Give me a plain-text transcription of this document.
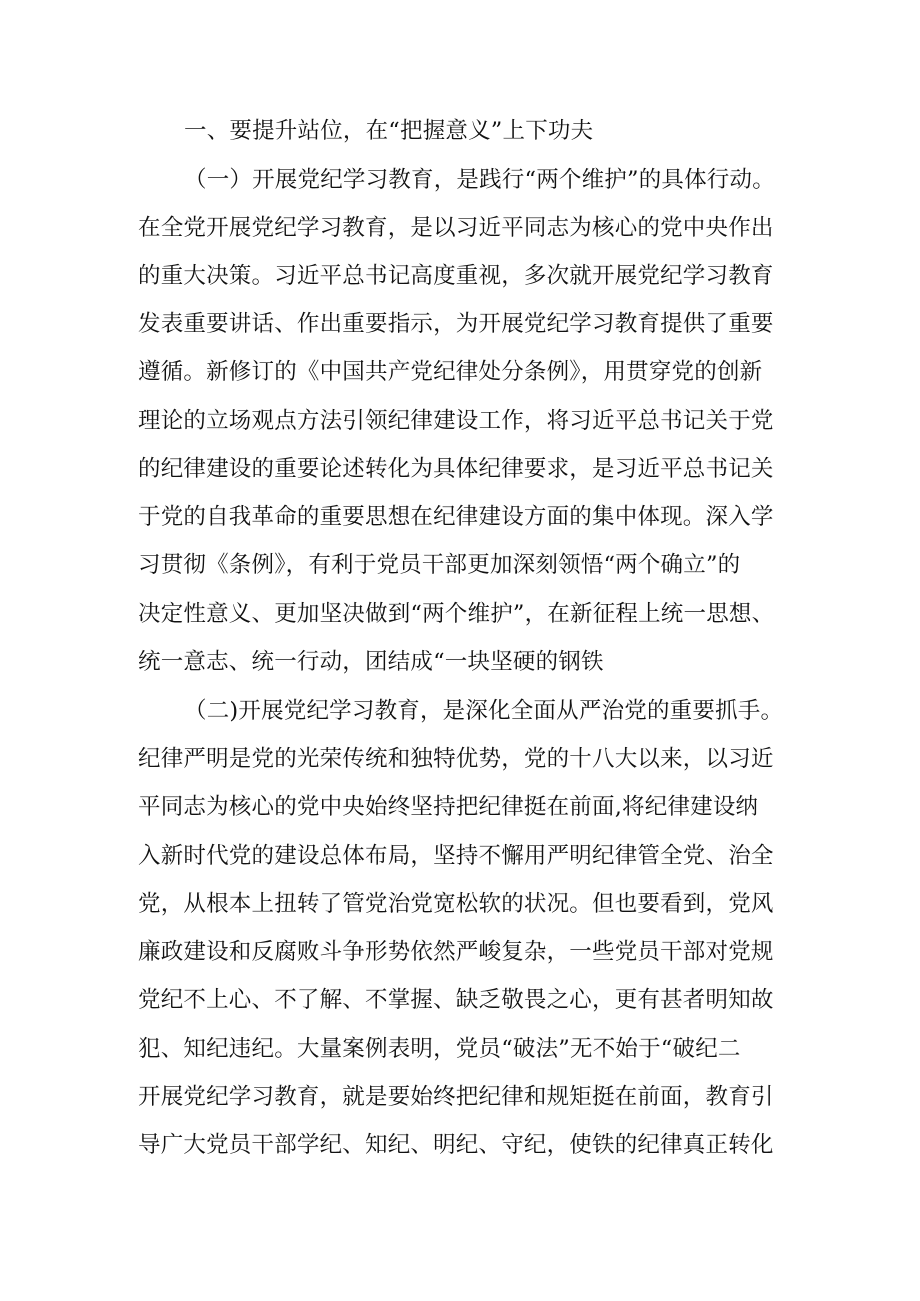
一、要提升站位，在“把握意义”上下功夫
（一）开展党纪学习教育，是践行“两个维护”的具体行动。
在全党开展党纪学习教育，是以习近平同志为核心的党中央作出
的重大决策。习近平总书记高度重视，多次就开展党纪学习教育
发表重要讲话、作出重要指示，为开展党纪学习教育提供了重要
遵循。新修订的《中国共产党纪律处分条例》，用贯穿党的创新
理论的立场观点方法引领纪律建设工作，将习近平总书记关于党
的纪律建设的重要论述转化为具体纪律要求，是习近平总书记关
于党的自我革命的重要思想在纪律建设方面的集中体现。深入学
习贯彻《条例》，有利于党员干部更加深刻领悟“两个确立”的
决定性意义、更加坚决做到“两个维护”，在新征程上统一思想、
统一意志、统一行动，团结成“一块坚硬的钢铁
（二)开展党纪学习教育，是深化全面从严治党的重要抓手。
纪律严明是党的光荣传统和独特优势，党的十八大以来，以习近
平同志为核心的党中央始终坚持把纪律挺在前面,将纪律建设纳
入新时代党的建设总体布局，坚持不懈用严明纪律管全党、治全
党，从根本上扭转了管党治党宽松软的状况。但也要看到，党风
廉政建设和反腐败斗争形势依然严峻复杂，一些党员干部对党规
党纪不上心、不了解、不掌握、缺乏敬畏之心，更有甚者明知故
犯、知纪违纪。大量案例表明，党员“破法”无不始于“破纪二
开展党纪学习教育，就是要始终把纪律和规矩挺在前面，教育引
导广大党员干部学纪、知纪、明纪、守纪，使铁的纪律真正转化
